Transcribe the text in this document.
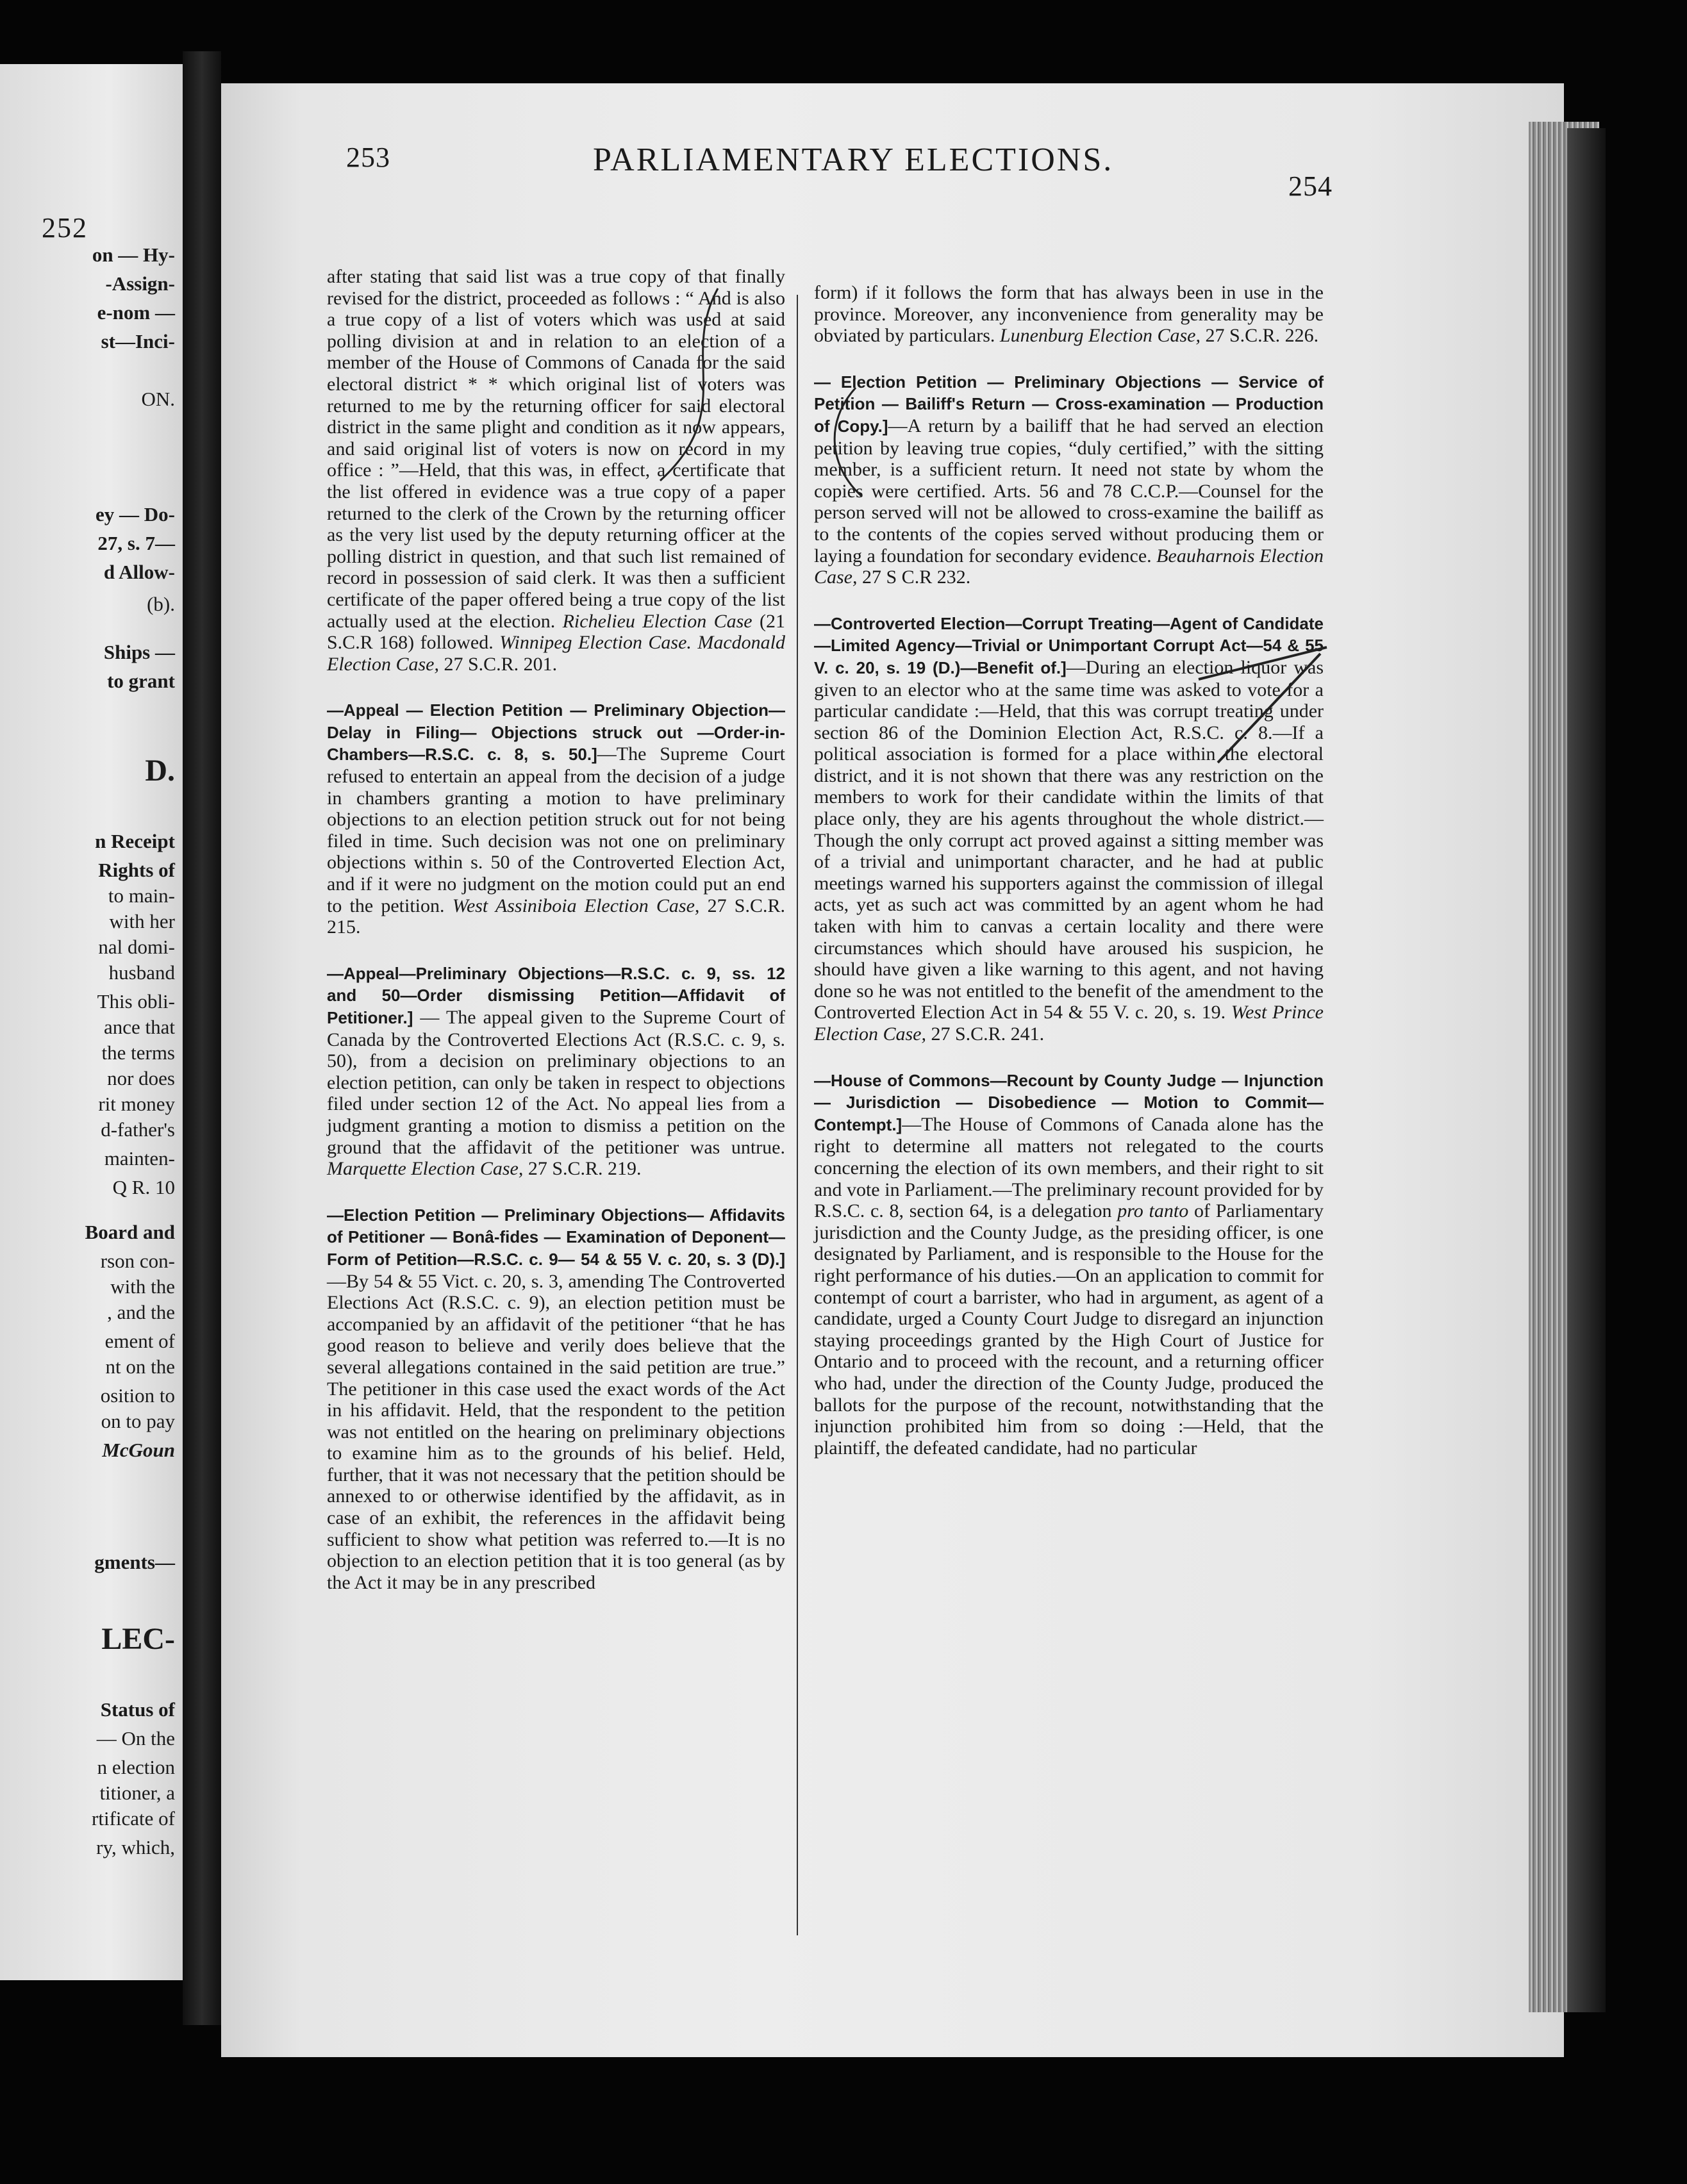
252
on — Hy-
-Assign-
e-nom —
st—Inci-
ON.
ey — Do-
27, s. 7—
d Allow-
(b).
Ships —
to grant
D.
n Receipt
Rights of
to main-
with her
nal domi-
husband
This obli-
ance that
the terms
nor does
rit money
d-father's
mainten-
Q R. 10
Board and
rson con-
with the
, and the
ement of
nt on the
osition to
on to pay
McGoun
gments—
LEC-
Status of
— On the
n election
titioner, a
rtificate of
ry, which,
253	PARLIAMENTARY ELECTIONS.
254

after stating that said list was a true copy of that finally revised for the district, proceeded as follows : “ And is also a true copy of a list of voters which was used at said polling division at and in relation to an election of a member of the House of Commons of Canada for the said electoral district * * which original list of voters was returned to me by the returning officer for said electoral district in the same plight and condition as it now appears, and said original list of voters is now on record in my office : ”—Held, that this was, in effect, a certificate that the list offered in evidence was a true copy of a paper returned to the clerk of the Crown by the returning officer as the very list used by the deputy returning officer at the polling district in question, and that such list remained of record in possession of said clerk. It was then a sufficient certificate of the paper offered being a true copy of the list actually used at the election. Richelieu Election Case (21 S.C.R 168) followed. Winnipeg Election Case. Macdonald Election Case, 27 S.C.R. 201.

—Appeal — Election Petition — Preliminary Objection—Delay in Filing— Objections struck out —Order-in-Chambers—R.S.C. c. 8, s. 50.]—The Supreme Court refused to entertain an appeal from the decision of a judge in chambers granting a motion to have preliminary objections to an election petition struck out for not being filed in time. Such decision was not one on preliminary objections within s. 50 of the Controverted Election Act, and if it were no judgment on the motion could put an end to the petition. West Assiniboia Election Case, 27 S.C.R. 215.

—Appeal—Preliminary Objections—R.S.C. c. 9, ss. 12 and 50—Order dismissing Petition—Affidavit of Petitioner.] — The appeal given to the Supreme Court of Canada by the Controverted Elections Act (R.S.C. c. 9, s. 50), from a decision on preliminary objections to an election petition, can only be taken in respect to objections filed under section 12 of the Act. No appeal lies from a judgment granting a motion to dismiss a petition on the ground that the affidavit of the petitioner was untrue. Marquette Election Case, 27 S.C.R. 219.

—Election Petition — Preliminary Objections— Affidavits of Petitioner — Bonâ-fides — Examination of Deponent—Form of Petition—R.S.C. c. 9— 54 & 55 V. c. 20, s. 3 (D).]—By 54 & 55 Vict. c. 20, s. 3, amending The Controverted Elections Act (R.S.C. c. 9), an election petition must be accompanied by an affidavit of the petitioner “that he has good reason to believe and verily does believe that the several allegations contained in the said petition are true.” The petitioner in this case used the exact words of the Act in his affidavit. Held, that the respondent to the petition was not entitled on the hearing on preliminary objections to examine him as to the grounds of his belief. Held, further, that it was not necessary that the petition should be annexed to or otherwise identified by the affidavit, as in case of an exhibit, the references in the affidavit being sufficient to show what petition was referred to.—It is no objection to an election petition that it is too general (as by the Act it may be in any prescribed

form) if it follows the form that has always been in use in the province. Moreover, any inconvenience from generality may be obviated by particulars. Lunenburg Election Case, 27 S.C.R. 226.

— Election Petition — Preliminary Objections — Service of Petition — Bailiff's Return — Cross-examination — Production of Copy.]—A return by a bailiff that he had served an election petition by leaving true copies, “duly certified,” with the sitting member, is a sufficient return. It need not state by whom the copies were certified. Arts. 56 and 78 C.C.P.—Counsel for the person served will not be allowed to cross-examine the bailiff as to the contents of the copies served without producing them or laying a foundation for secondary evidence. Beauharnois Election Case, 27 S C.R 232.

—Controverted Election—Corrupt Treating—Agent of Candidate—Limited Agency—Trivial or Unimportant Corrupt Act—54 & 55 V. c. 20, s. 19 (D.)—Benefit of.]—During an election liquor was given to an elector who at the same time was asked to vote for a particular candidate :—Held, that this was corrupt treating under section 86 of the Dominion Election Act, R.S.C. c. 8.—If a political association is formed for a place within the electoral district, and it is not shown that there was any restriction on the members to work for their candidate within the limits of that place only, they are his agents throughout the whole district.—Though the only corrupt act proved against a sitting member was of a trivial and unimportant character, and he had at public meetings warned his supporters against the commission of illegal acts, yet as such act was committed by an agent whom he had taken with him to canvas a certain locality and there were circumstances which should have aroused his suspicion, he should have given a like warning to this agent, and not having done so he was not entitled to the benefit of the amendment to the Controverted Election Act in 54 & 55 V. c. 20, s. 19. West Prince Election Case, 27 S.C.R. 241.

—House of Commons—Recount by County Judge — Injunction — Jurisdiction — Disobedience — Motion to Commit—Contempt.]—The House of Commons of Canada alone has the right to determine all matters not relegated to the courts concerning the election of its own members, and their right to sit and vote in Parliament.—The preliminary recount provided for by R.S.C. c. 8, section 64, is a delegation pro tanto of Parliamentary jurisdiction and the County Judge, as the presiding officer, is one designated by Parliament, and is responsible to the House for the right performance of his duties.—On an application to commit for contempt of court a barrister, who had in argument, as agent of a candidate, urged a County Court Judge to disregard an injunction staying proceedings granted by the High Court of Justice for Ontario and to proceed with the recount, and a returning officer who had, under the direction of the County Judge, produced the ballots for the purpose of the recount, notwithstanding that the injunction prohibited him from so doing :—Held, that the plaintiff, the defeated candidate, had no particular
